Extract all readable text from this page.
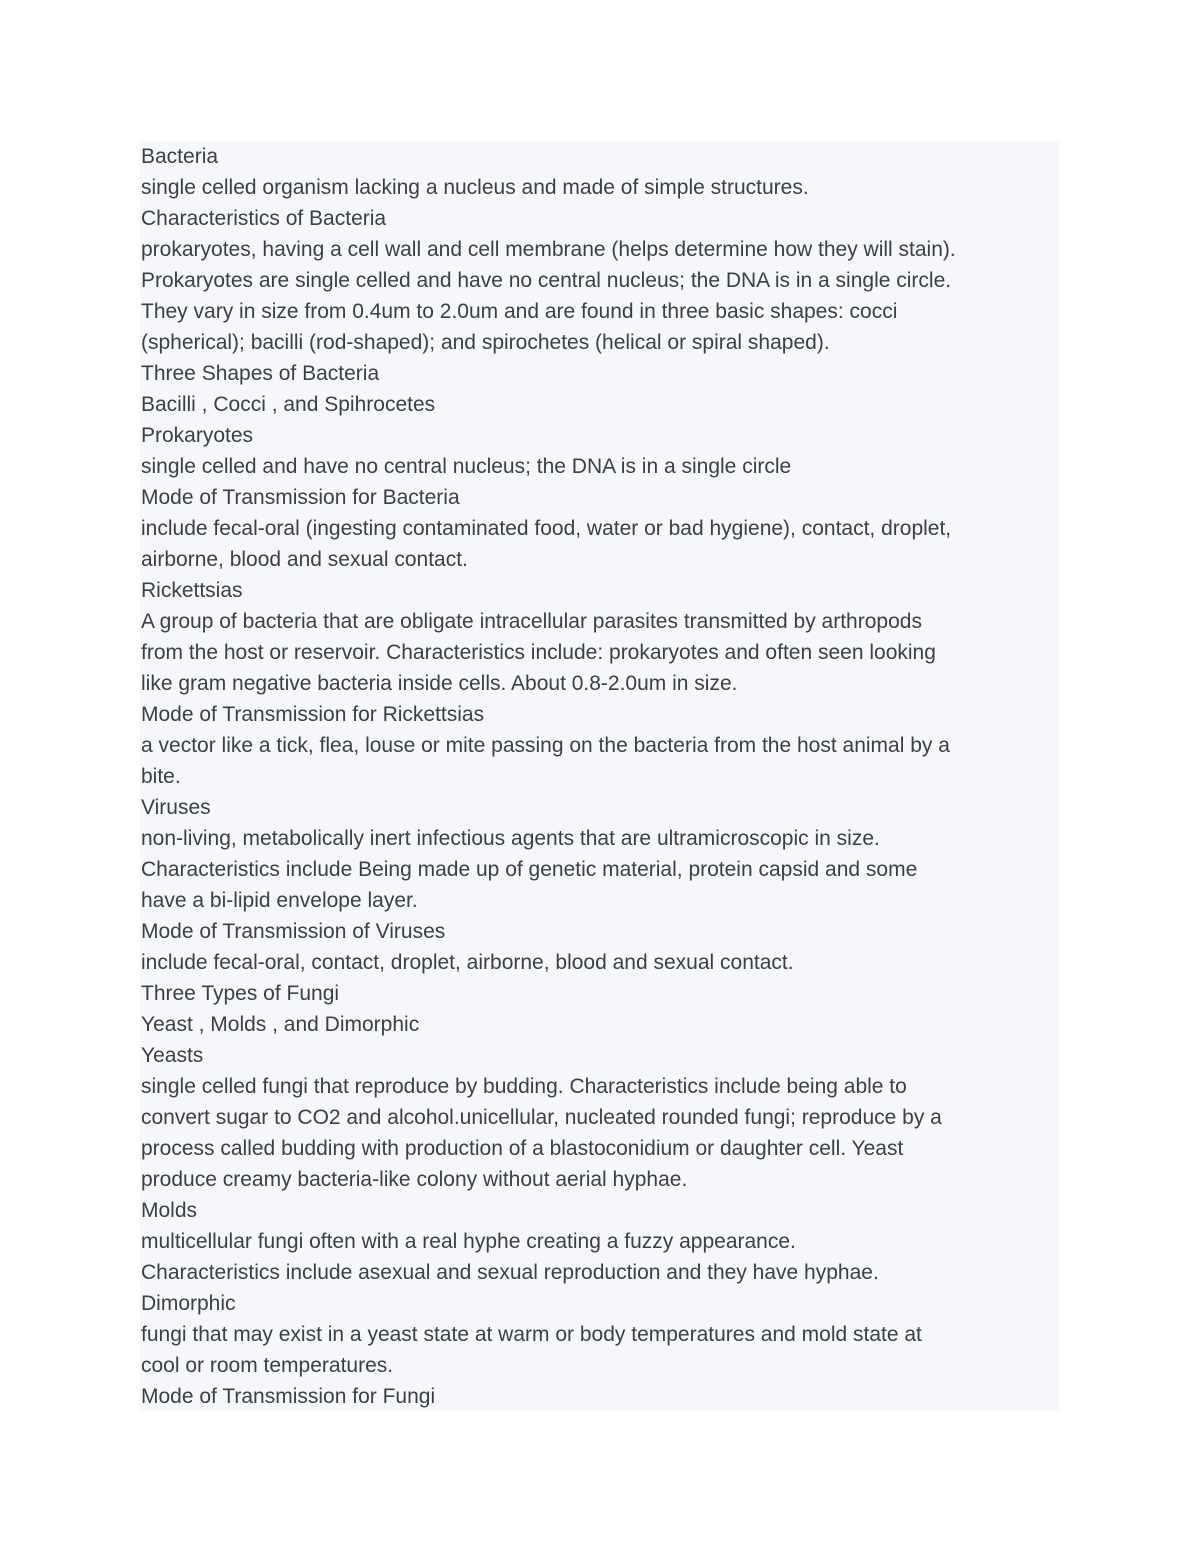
Bacteria
single celled organism lacking a nucleus and made of simple structures.
Characteristics of Bacteria
prokaryotes, having a cell wall and cell membrane (helps determine how they will stain).
Prokaryotes are single celled and have no central nucleus; the DNA is in a single circle.
They vary in size from 0.4um to 2.0um and are found in three basic shapes: cocci
(spherical); bacilli (rod-shaped); and spirochetes (helical or spiral shaped).
Three Shapes of Bacteria
Bacilli , Cocci , and Spihrocetes
Prokaryotes
single celled and have no central nucleus; the DNA is in a single circle
Mode of Transmission for Bacteria
include fecal-oral (ingesting contaminated food, water or bad hygiene), contact, droplet,
airborne, blood and sexual contact.
Rickettsias
A group of bacteria that are obligate intracellular parasites transmitted by arthropods
from the host or reservoir. Characteristics include: prokaryotes and often seen looking
like gram negative bacteria inside cells. About 0.8-2.0um in size.
Mode of Transmission for Rickettsias
a vector like a tick, flea, louse or mite passing on the bacteria from the host animal by a
bite.
Viruses
non-living, metabolically inert infectious agents that are ultramicroscopic in size.
Characteristics include Being made up of genetic material, protein capsid and some
have a bi-lipid envelope layer.
Mode of Transmission of Viruses
include fecal-oral, contact, droplet, airborne, blood and sexual contact.
Three Types of Fungi
Yeast , Molds , and Dimorphic
Yeasts
single celled fungi that reproduce by budding. Characteristics include being able to
convert sugar to CO2 and alcohol.unicellular, nucleated rounded fungi; reproduce by a
process called budding with production of a blastoconidium or daughter cell. Yeast
produce creamy bacteria-like colony without aerial hyphae.
Molds
multicellular fungi often with a real hyphe creating a fuzzy appearance.
Characteristics include asexual and sexual reproduction and they have hyphae.
Dimorphic
fungi that may exist in a yeast state at warm or body temperatures and mold state at
cool or room temperatures.
Mode of Transmission for Fungi
